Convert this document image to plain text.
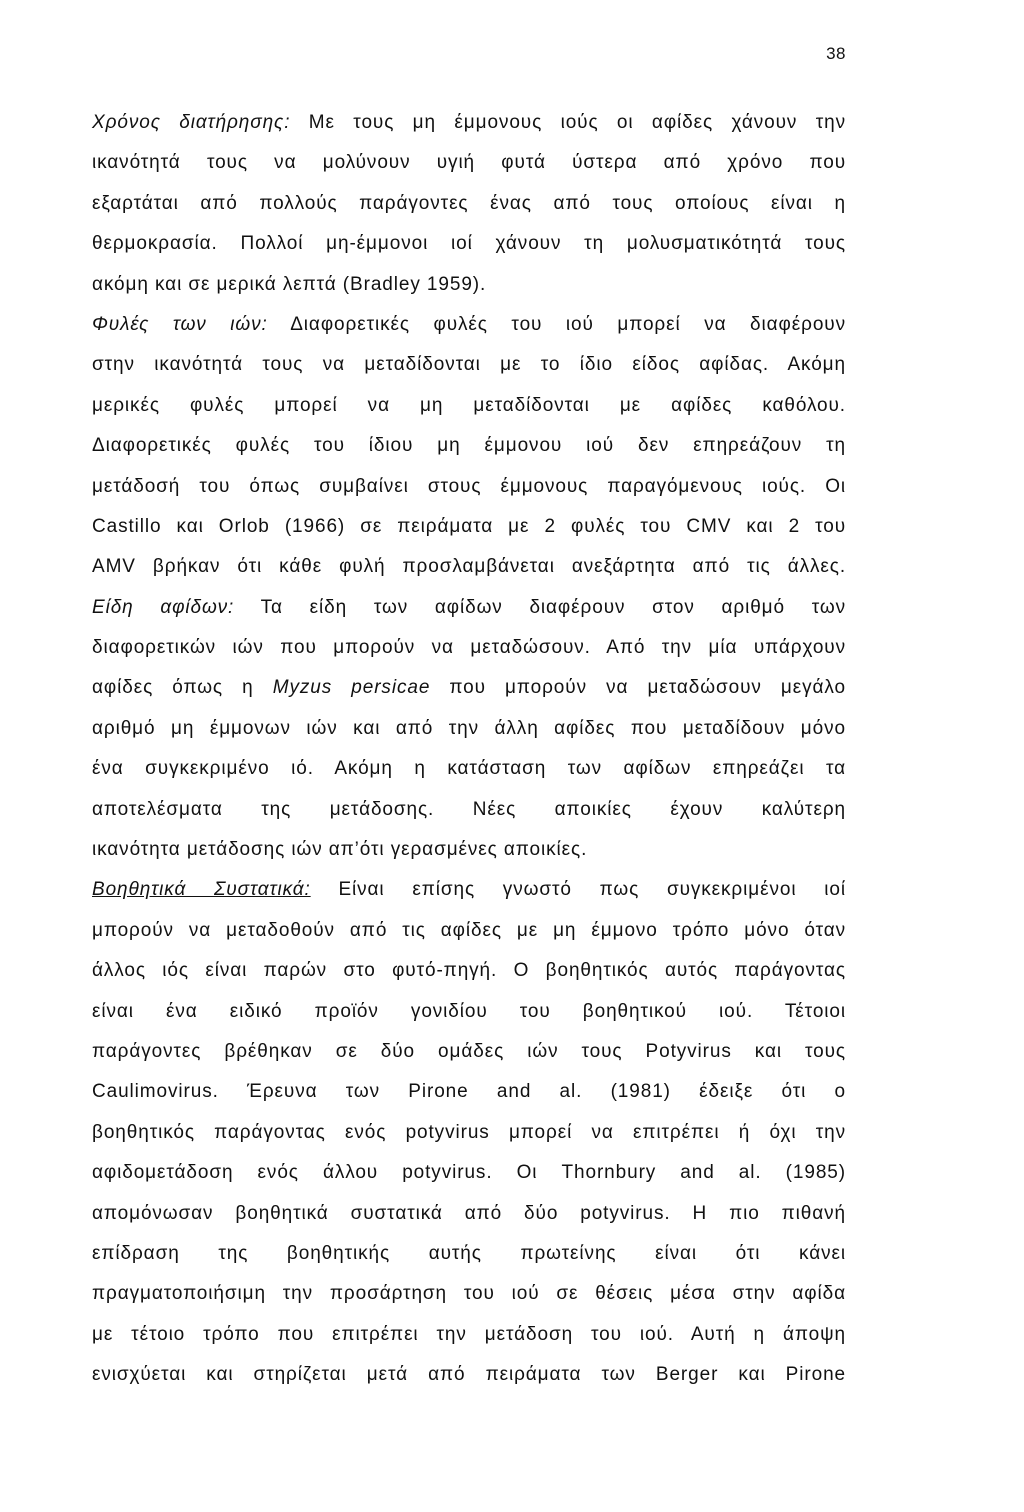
38
Χρόνος διατήρησης: Με τους μη έμμονους ιούς οι αφίδες χάνουν την
ικανότητά τους να μολύνουν υγιή φυτά ύστερα από χρόνο που
εξαρτάται από πολλούς παράγοντες ένας από τους οποίους είναι η
θερμοκρασία. Πολλοί μη-έμμονοι ιοί χάνουν τη μολυσματικότητά τους
ακόμη και σε μερικά λεπτά (Bradley 1959).
Φυλές των ιών: Διαφορετικές φυλές του ιού μπορεί να διαφέρουν
στην ικανότητά τους να μεταδίδονται με το ίδιο είδος αφίδας. Ακόμη
μερικές φυλές μπορεί να μη μεταδίδονται με αφίδες καθόλου.
Διαφορετικές φυλές του ίδιου μη έμμονου ιού δεν επηρεάζουν τη
μετάδοσή του όπως συμβαίνει στους έμμονους παραγόμενους ιούς. Οι
Castillo και Orlob (1966) σε πειράματα με 2 φυλές του CMV και 2 του
AMV βρήκαν ότι κάθε φυλή προσλαμβάνεται ανεξάρτητα από τις άλλες.
Είδη αφίδων: Τα είδη των αφίδων διαφέρουν στον αριθμό των
διαφορετικών ιών που μπορούν να μεταδώσουν. Από την μία υπάρχουν
αφίδες όπως η Myzus persicae που μπορούν να μεταδώσουν μεγάλο
αριθμό μη έμμονων ιών και από την άλλη αφίδες που μεταδίδουν μόνο
ένα συγκεκριμένο ιό. Ακόμη η κατάσταση των αφίδων επηρεάζει τα
αποτελέσματα της μετάδοσης. Νέες αποικίες έχουν καλύτερη
ικανότητα μετάδοσης ιών απ’ότι γερασμένες αποικίες.
Βοηθητικά Συστατικά: Είναι επίσης γνωστό πως συγκεκριμένοι ιοί
μπορούν να μεταδοθούν από τις αφίδες με μη έμμονο τρόπο μόνο όταν
άλλος ιός είναι παρών στο φυτό-πηγή. Ο βοηθητικός αυτός παράγοντας
είναι ένα ειδικό προϊόν γονιδίου του βοηθητικού ιού. Τέτοιοι
παράγοντες βρέθηκαν σε δύο ομάδες ιών τους Potyvirus και τους
Caulimovirus. Έρευνα των Pirone and al. (1981) έδειξε ότι ο
βοηθητικός παράγοντας ενός potyvirus μπορεί να επιτρέπει ή όχι την
αφιδομετάδοση ενός άλλου potyvirus. Οι Thornbury and al. (1985)
απομόνωσαν βοηθητικά συστατικά από δύο potyvirus. Η πιο πιθανή
επίδραση της βοηθητικής αυτής πρωτείνης είναι ότι κάνει
πραγματοποιήσιμη την προσάρτηση του ιού σε θέσεις μέσα στην αφίδα
με τέτοιο τρόπο που επιτρέπει την μετάδοση του ιού. Αυτή η άποψη
ενισχύεται και στηρίζεται μετά από πειράματα των Berger και Pirone
